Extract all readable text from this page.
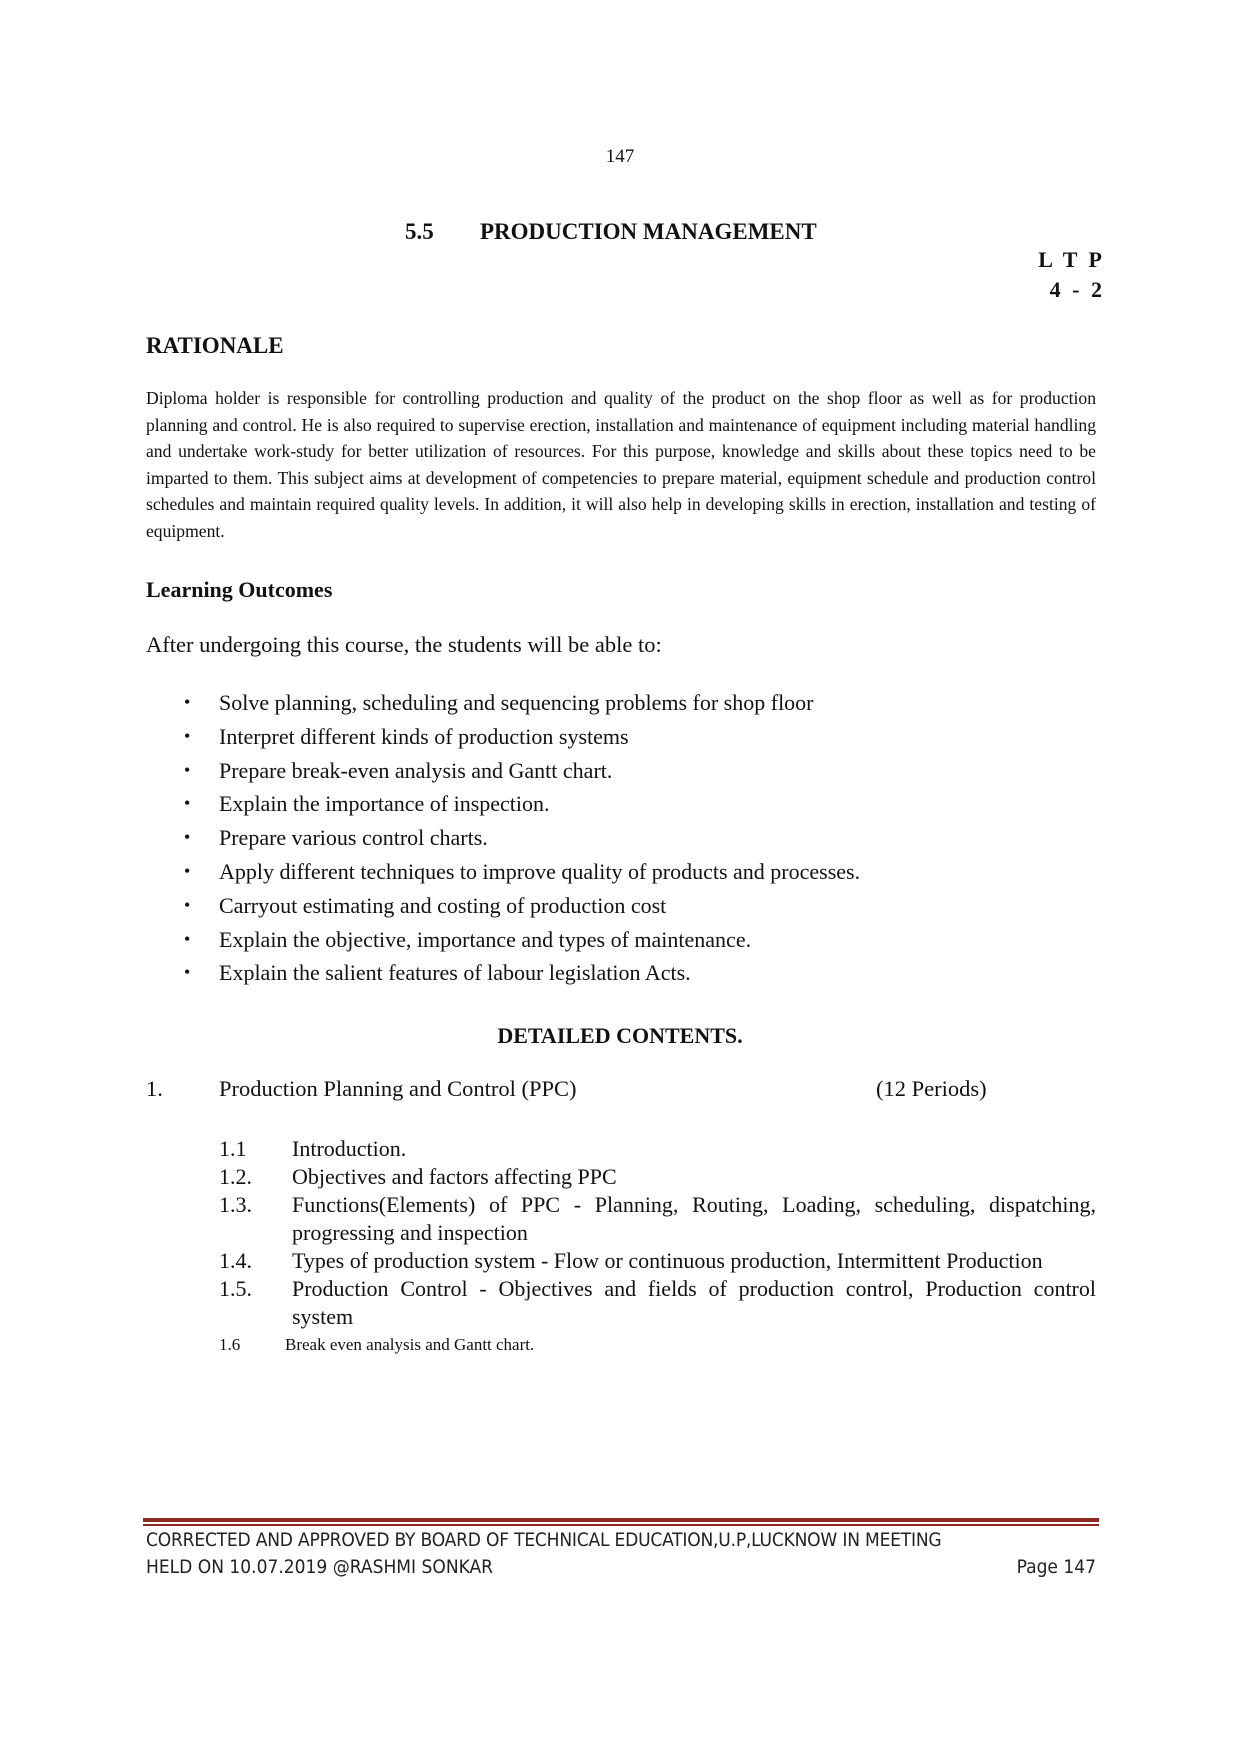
147
5.5 PRODUCTION MANAGEMENT
L T P
4 - 2
RATIONALE
Diploma holder is responsible for controlling production and quality of the product on the shop floor as well as for production planning and control. He is also required to supervise erection, installation and maintenance of equipment including material handling and undertake work-study for better utilization of resources. For this purpose, knowledge and skills about these topics need to be imparted to them. This subject aims at development of competencies to prepare material, equipment schedule and production control schedules and maintain required quality levels. In addition, it will also help in developing skills in erection, installation and testing of equipment.
Learning Outcomes
After undergoing this course, the students will be able to:
• Solve planning, scheduling and sequencing problems for shop floor
• Interpret different kinds of production systems
• Prepare break-even analysis and Gantt chart.
• Explain the importance of inspection.
• Prepare various control charts.
• Apply different techniques to improve quality of products and processes.
• Carryout estimating and costing of production cost
• Explain the objective, importance and types of maintenance.
• Explain the salient features of labour legislation Acts.
DETAILED CONTENTS.
1. Production Planning and Control (PPC)	(12 Periods)
1.1 Introduction.
1.2. Objectives and factors affecting PPC
1.3. Functions(Elements) of PPC - Planning, Routing, Loading, scheduling, dispatching, progressing and inspection
1.4. Types of production system - Flow or continuous production, Intermittent Production
1.5. Production Control - Objectives and fields of production control, Production control system
1.6	Break even analysis and Gantt chart.
CORRECTED AND APPROVED BY BOARD OF TECHNICAL EDUCATION,U.P,LUCKNOW IN MEETING
HELD ON 10.07.2019 @RASHMI SONKAR	Page 147
